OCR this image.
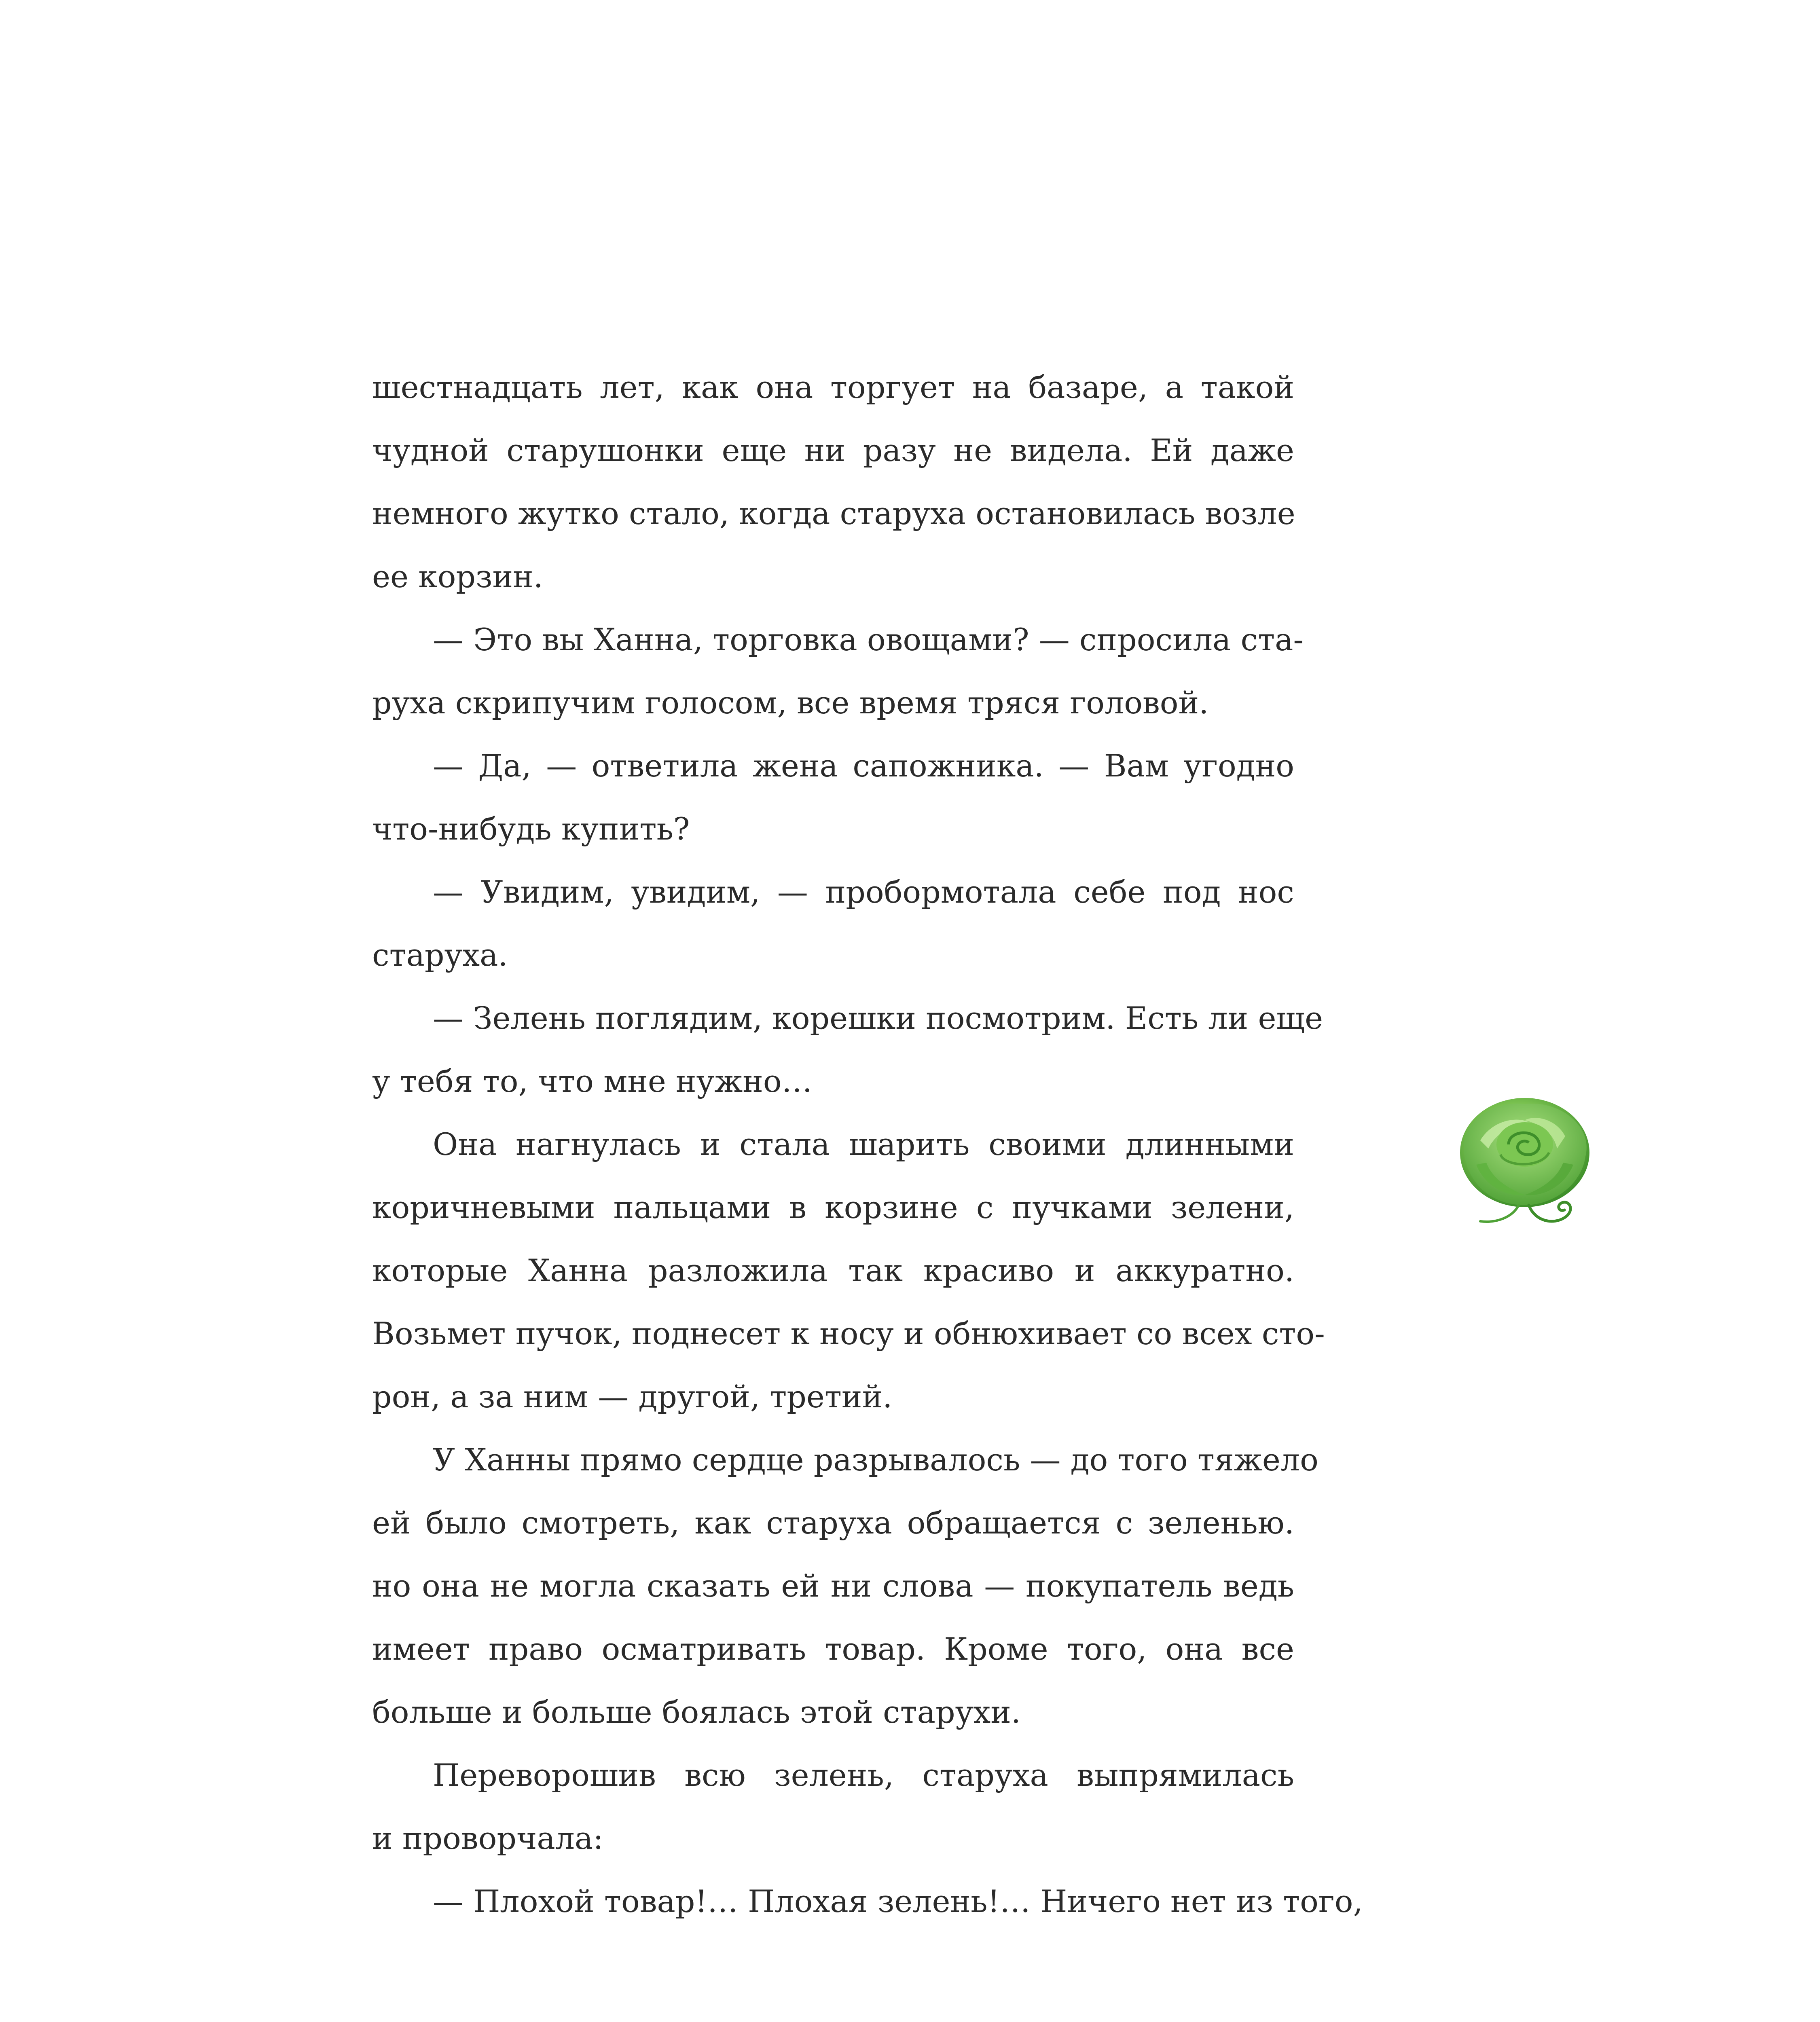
шестнадцать лет, как она торгует на базаре, а такой
чудной старушонки еще ни разу не видела. Ей даже
немного жутко стало, когда старуха остановилась возле
ее корзин.
— Это вы Ханна, торговка овощами? — спросила ста-
руха скрипучим голосом, все время тряся головой.
— Да, — ответила жена сапожника. — Вам угодно
что-нибудь купить?
— Увидим, увидим, — пробормотала себе под нос
старуха.
— Зелень поглядим, корешки посмотрим. Есть ли еще
у тебя то, что мне нужно…
Она нагнулась и стала шарить своими длинными
коричневыми пальцами в корзине с пучками зелени,
которые Ханна разложила так красиво и аккуратно.
Возьмет пучок, поднесет к носу и обнюхивает со всех сто-
рон, а за ним — другой, третий.
У Ханны прямо сердце разрывалось — до того тяжело
ей было смотреть, как старуха обращается с зеленью.
но она не могла сказать ей ни слова — покупатель ведь
имеет право осматривать товар. Кроме того, она все
больше и больше боялась этой старухи.
Переворошив всю зелень, старуха выпрямилась
и проворчала:
— Плохой товар!… Плохая зелень!… Ничего нет из того,
